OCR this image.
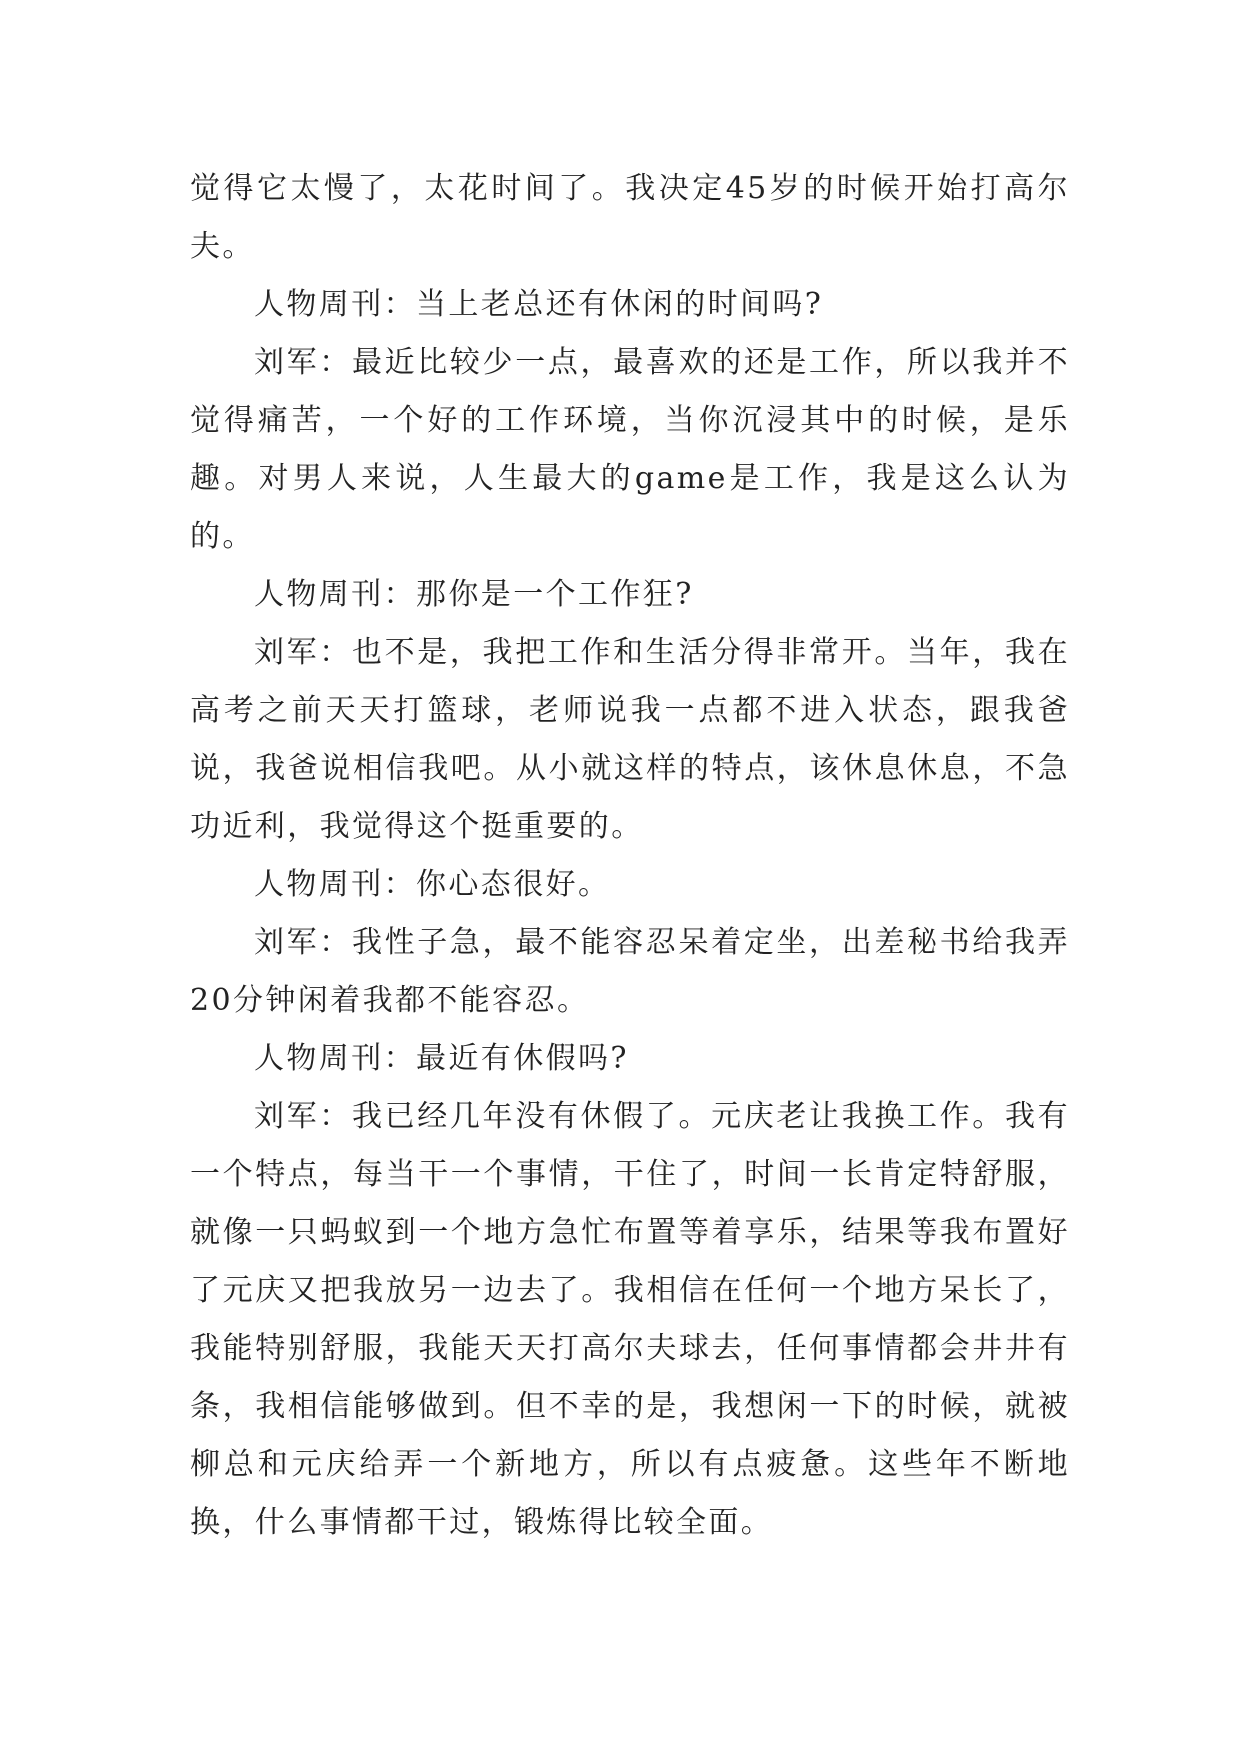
觉得它太慢了，太花时间了。我决定45岁的时候开始打高尔夫。

人物周刊：当上老总还有休闲的时间吗?

刘军：最近比较少一点，最喜欢的还是工作，所以我并不觉得痛苦，一个好的工作环境，当你沉浸其中的时候，是乐趣。对男人来说，人生最大的game是工作，我是这么认为的。

人物周刊：那你是一个工作狂?

刘军：也不是，我把工作和生活分得非常开。当年，我在高考之前天天打篮球，老师说我一点都不进入状态，跟我爸说，我爸说相信我吧。从小就这样的特点，该休息休息，不急功近利，我觉得这个挺重要的。

人物周刊：你心态很好。

刘军：我性子急，最不能容忍呆着定坐，出差秘书给我弄20分钟闲着我都不能容忍。

人物周刊：最近有休假吗?

刘军：我已经几年没有休假了。元庆老让我换工作。我有一个特点，每当干一个事情，干住了，时间一长肯定特舒服，就像一只蚂蚁到一个地方急忙布置等着享乐，结果等我布置好了元庆又把我放另一边去了。我相信在任何一个地方呆长了，我能特别舒服，我能天天打高尔夫球去，任何事情都会井井有条，我相信能够做到。但不幸的是，我想闲一下的时候，就被柳总和元庆给弄一个新地方，所以有点疲惫。这些年不断地换，什么事情都干过，锻炼得比较全面。
